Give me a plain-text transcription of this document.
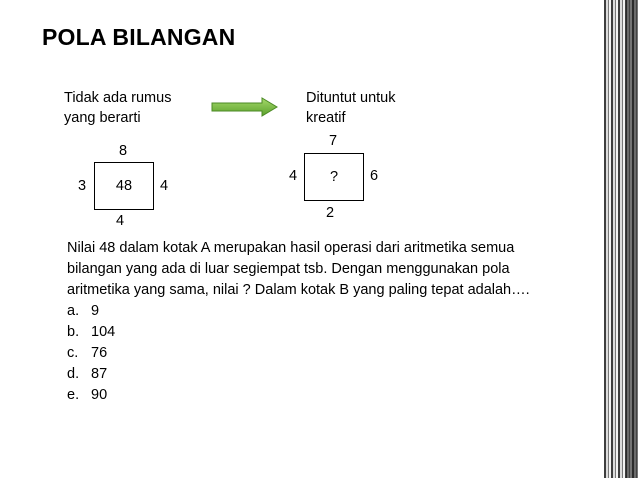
POLA BILANGAN
Tidak ada rumus
yang berarti
Dituntut untuk
kreatif
8
3	48	4
4
7
4	?	6
2
Nilai 48 dalam kotak A merupakan hasil operasi dari aritmetika semua bilangan yang ada di luar segiempat tsb. Dengan menggunakan pola aritmetika yang sama, nilai ? Dalam kotak B yang paling tepat adalah….
a. 9
b. 104
c. 76
d. 87
e. 90
